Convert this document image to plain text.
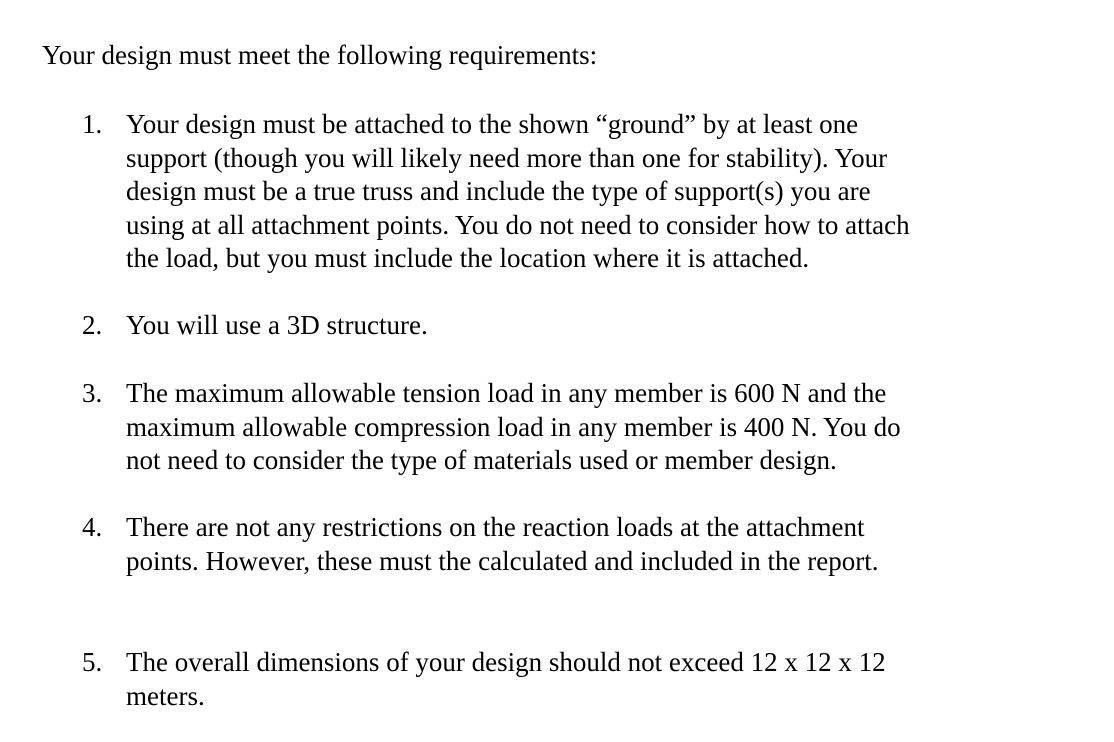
Your design must meet the following requirements:
1. Your design must be attached to the shown “ground” by at least one
support (though you will likely need more than one for stability). Your
design must be a true truss and include the type of support(s) you are
using at all attachment points. You do not need to consider how to attach
the load, but you must include the location where it is attached.
2. You will use a 3D structure.
3. The maximum allowable tension load in any member is 600 N and the
maximum allowable compression load in any member is 400 N. You do
not need to consider the type of materials used or member design.
4. There are not any restrictions on the reaction loads at the attachment
points. However, these must the calculated and included in the report.
5. The overall dimensions of your design should not exceed 12 x 12 x 12
meters.
